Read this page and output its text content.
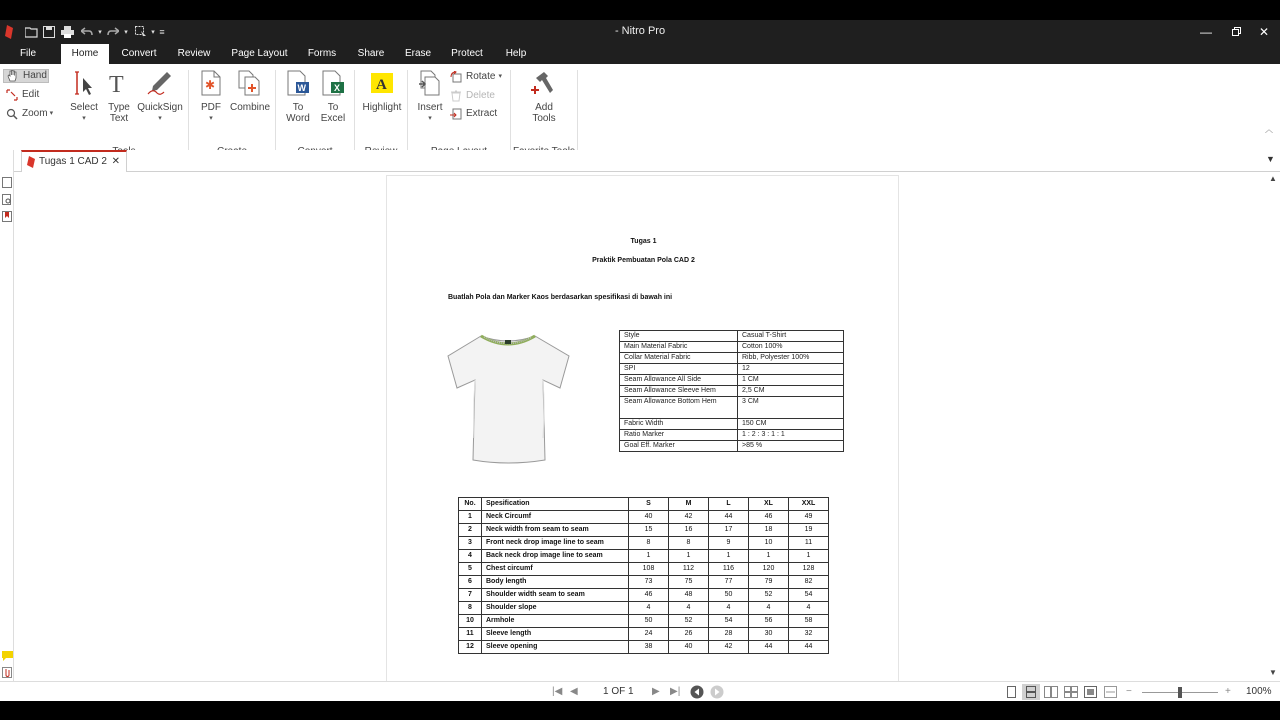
▾	▾	▾ ≡	- Nitro Pro	—	✕
File	Home	Convert	Review	Page Layout	Forms	Share	Erase	Protect	Help
Hand
Edit
Zoom ▾
Select
▾
T
Type
Text
QuickSign
▾
✱
PDF
▾
Combine
W
To
Word
X
To
Excel
A
Highlight	Insert
▾
Rotate ▾
Delete
Extract
Add
Tools
︿
Tugas 1 CAD 2 ✕	▼
Tugas 1
Praktik Pembuatan Pola CAD 2
Buatlah Pola dan Marker Kaos berdasarkan spesifikasi di bawah ini
Style	Casual T-Shirt
Main Material Fabric	Cotton 100%
Collar Material Fabric	Ribb, Polyester 100%
SPI	12
Seam Allowance All Side	1 CM
Seam Allowance Sleeve Hem	2,5 CM
Seam Allowance Bottom Hem	3 CM
Fabric Width	150 CM
Ratio Marker	1 : 2 : 3 : 1 : 1
Goal Eff. Marker	>85 %
No.	Spesification	S	M	L	XL	XXL
1	Neck Circumf	40	42	44	46	49
2	Neck width from seam to seam	15	16	17	18	19
3	Front neck drop image line to seam	8	8	9	10	11
4	Back neck drop image line to seam	1	1	1	1	1
5	Chest circumf	108	112	116	120	128
6	Body length	73	75	77	79	82
7	Shoulder width seam to seam	46	48	50	52	54
8	Shoulder slope	4	4	4	4	4
10	Armhole	50	52	54	56	58
11	Sleeve length	24	26	28	30	32
12	Sleeve opening	38	40	42	44	44
▲
▼
|◀ ◀	1 OF 1 ▶ ▶|	−	+ 100%
